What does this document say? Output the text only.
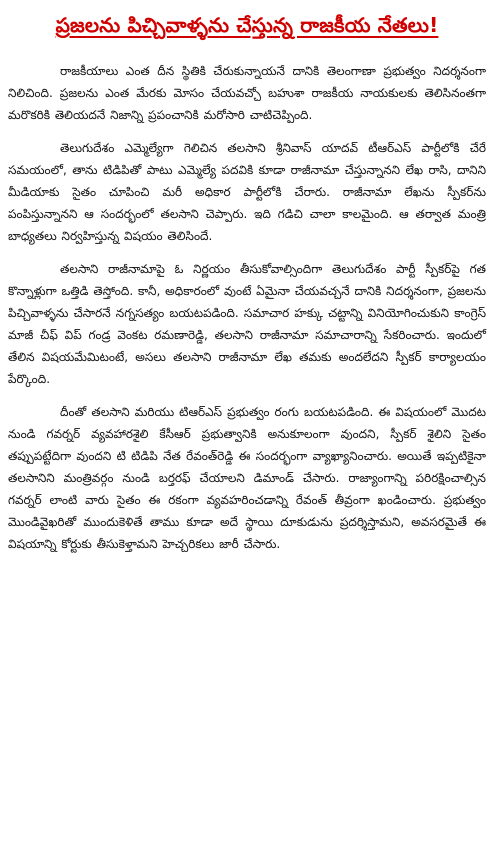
ప్రజలను పిచ్చివాళ్ళను చేస్తున్న రాజకీయ నేతలు!

రాజకీయాలు ఎంత దీన స్థితికి చేరుకున్నాయనే దానికి తెలంగాణా ప్రభుత్వం నిదర్శనంగా నిలిచింది. ప్రజలను ఎంత మేరకు మోసం చేయవచ్చో బహుశా రాజకీయ నాయకులకు తెలిసినంతగా మరొకరికి తెలియదనే నిజాన్ని ప్రపంచానికి మరోసారి చాటిచెప్పింది.

తెలుగుదేశం ఎమ్మెల్యేగా గెలిచిన తలసాని శ్రీనివాస్ యాదవ్ టీఆర్ఎస్ పార్టీలోకి చేరే సమయంలో, తాను టిడిపితో పాటు ఎమ్మెల్యే పదవికి కూడా రాజీనామా చేస్తున్నానని లేఖ రాసి, దానిని మీడియాకు సైతం చూపించి మరీ అధికార పార్టీలోకి చేరారు. రాజీనామా లేఖను స్పీకర్‌ను పంపిస్తున్నానని ఆ సందర్భంలో తలసాని చెప్పారు. ఇది గడిచి చాలా కాలమైంది. ఆ తర్వాత మంత్రి బాధ్యతలు నిర్వహిస్తున్న విషయం తెలిసిందే.

తలసాని రాజీనామాపై ఓ నిర్ణయం తీసుకోవాల్సిందిగా తెలుగుదేశం పార్టీ స్పీకర్‌పై గత కొన్నాళ్లుగా ఒత్తిడి తెస్తోంది. కానీ, అధికారంలో వుంటే ఏమైనా చేయవచ్చనే దానికి నిదర్శనంగా, ప్రజలను పిచ్చివాళ్ళను చేసారనే నగ్నసత్యం బయటపడింది. సమాచార హక్కు చట్టాన్ని వినియోగించుకుని కాంగ్రెస్ మాజీ చీఫ్ విప్ గండ్ర వెంకట రమణారెడ్డి, తలసాని రాజీనామా సమాచారాన్ని సేకరించారు. ఇందులో తేలిన విషయమేమిటంటే, అసలు తలసాని రాజీనామా లేఖ తమకు అందలేదని స్పీకర్ కార్యాలయం పేర్కొంది.

దీంతో తలసాని మరియు టిఆర్ఎస్ ప్రభుత్వం రంగు బయటపడింది. ఈ విషయంలో మొదట నుండి గవర్నర్ వ్యవహారశైలి కేసీఆర్ ప్రభుత్వానికి అనుకూలంగా వుందని, స్పీకర్ శైలిని సైతం తప్పుపట్టేదిగా వుందని టి టిడిపి నేత రేవంత్‌రెడ్డి ఈ సందర్భంగా వ్యాఖ్యానించారు. అయితే ఇప్పటికైనా తలసానిని మంత్రివర్గం నుండి బర్తరఫ్ చేయాలని డిమాండ్ చేసారు. రాజ్యాంగాన్ని పరిరక్షించాల్సిన గవర్నర్ లాంటి వారు సైతం ఈ రకంగా వ్యవహరించడాన్ని రేవంత్ తీవ్రంగా ఖండించారు. ప్రభుత్వం మొండివైఖరితో ముందుకెళితే తాము కూడా అదే స్థాయి దూకుడును ప్రదర్శిస్తామని, అవసరమైతే ఈ విషయాన్ని కోర్టుకు తీసుకెళ్తామని హెచ్చరికలు జారీ చేసారు.
